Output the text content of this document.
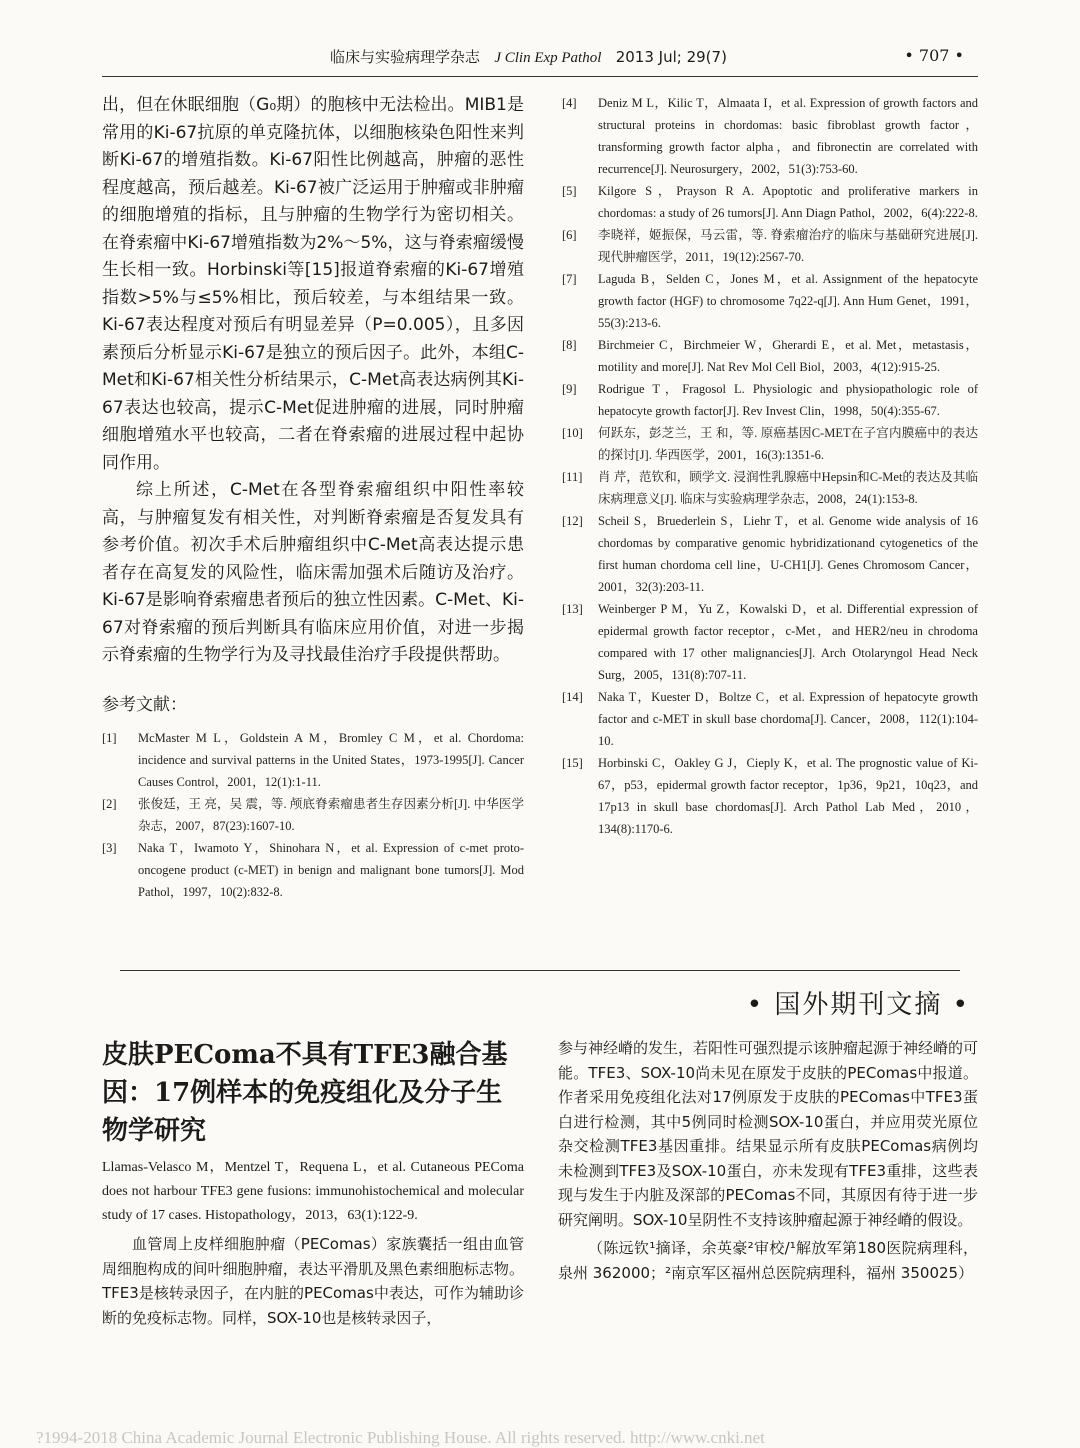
临床与实验病理学杂志 J Clin Exp Pathol 2013 Jul; 29(7)	• 707 •

出，但在休眠细胞（G₀期）的胞核中无法检出。MIB1是常用的Ki-67抗原的单克隆抗体，以细胞核染色阳性来判断Ki-67的增殖指数。Ki-67阳性比例越高，肿瘤的恶性程度越高，预后越差。Ki-67被广泛运用于肿瘤或非肿瘤的细胞增殖的指标，且与肿瘤的生物学行为密切相关。在脊索瘤中Ki-67增殖指数为2%～5%，这与脊索瘤缓慢生长相一致。Horbinski等[15]报道脊索瘤的Ki-67增殖指数>5%与≤5%相比，预后较差，与本组结果一致。Ki-67表达程度对预后有明显差异（P=0.005），且多因素预后分析显示Ki-67是独立的预后因子。此外，本组C-Met和Ki-67相关性分析结果示，C-Met高表达病例其Ki-67表达也较高，提示C-Met促进肿瘤的进展，同时肿瘤细胞增殖水平也较高，二者在脊索瘤的进展过程中起协同作用。

综上所述，C-Met在各型脊索瘤组织中阳性率较高，与肿瘤复发有相关性，对判断脊索瘤是否复发具有参考价值。初次手术后肿瘤组织中C-Met高表达提示患者存在高复发的风险性，临床需加强术后随访及治疗。Ki-67是影响脊索瘤患者预后的独立性因素。C-Met、Ki-67对脊索瘤的预后判断具有临床应用价值，对进一步揭示脊索瘤的生物学行为及寻找最佳治疗手段提供帮助。

参考文献：
[1]	McMaster M L，Goldstein A M，Bromley C M，et al. Chordoma: incidence and survival patterns in the United States，1973-1995[J]. Cancer Causes Control，2001，12(1):1-11.
[2]	张俊廷，王 亮，吴 震，等. 颅底脊索瘤患者生存因素分析[J]. 中华医学杂志，2007，87(23):1607-10.
[3]	Naka T，Iwamoto Y，Shinohara N，et al. Expression of c-met proto-oncogene product (c-MET) in benign and malignant bone tumors[J]. Mod Pathol，1997，10(2):832-8.
[4]	Deniz M L，Kilic T，Almaata I，et al. Expression of growth factors and structural proteins in chordomas: basic fibroblast growth factor，transforming growth factor alpha，and fibronectin are correlated with recurrence[J]. Neurosurgery，2002，51(3):753-60.
[5]	Kilgore S，Prayson R A. Apoptotic and proliferative markers in chordomas: a study of 26 tumors[J]. Ann Diagn Pathol，2002，6(4):222-8.
[6]	李晓祥，姬振保，马云雷，等. 脊索瘤治疗的临床与基础研究进展[J]. 现代肿瘤医学，2011，19(12):2567-70.
[7]	Laguda B，Selden C，Jones M，et al. Assignment of the hepatocyte growth factor (HGF) to chromosome 7q22-q[J]. Ann Hum Genet，1991，55(3):213-6.
[8]	Birchmeier C，Birchmeier W，Gherardi E，et al. Met，metastasis，motility and more[J]. Nat Rev Mol Cell Biol，2003，4(12):915-25.
[9]	Rodrigue T，Fragosol L. Physiologic and physiopathologic role of hepatocyte growth factor[J]. Rev Invest Clin，1998，50(4):355-67.
[10]	何跃东，彭芝兰，王 和，等. 原癌基因C-MET在子宫内膜癌中的表达的探讨[J]. 华西医学，2001，16(3):1351-6.
[11]	肖 芹，范钦和，顾学文. 浸润性乳腺癌中Hepsin和C-Met的表达及其临床病理意义[J]. 临床与实验病理学杂志，2008，24(1):153-8.
[12]	Scheil S，Bruederlein S，Liehr T，et al. Genome wide analysis of 16 chordomas by comparative genomic hybridizationand cytogenetics of the first human chordoma cell line，U-CH1[J]. Genes Chromosom Cancer，2001，32(3):203-11.
[13]	Weinberger P M，Yu Z，Kowalski D，et al. Differential expression of epidermal growth factor receptor，c-Met，and HER2/neu in chrodoma compared with 17 other malignancies[J]. Arch Otolaryngol Head Neck Surg，2005，131(8):707-11.
[14]	Naka T，Kuester D，Boltze C，et al. Expression of hepatocyte growth factor and c-MET in skull base chordoma[J]. Cancer，2008，112(1):104-10.
[15]	Horbinski C，Oakley G J，Cieply K，et al. The prognostic value of Ki-67，p53，epidermal growth factor receptor，1p36，9p21，10q23，and 17p13 in skull base chordomas[J]. Arch Pathol Lab Med，2010，134(8):1170-6.
• 国外期刊文摘 •
皮肤PEComa不具有TFE3融合基因：17例样本的免疫组化及分子生物学研究

Llamas-Velasco M，Mentzel T，Requena L，et al. Cutaneous PEComa does not harbour TFE3 gene fusions: immunohistochemical and molecular study of 17 cases. Histopathology，2013，63(1):122-9.

血管周上皮样细胞肿瘤（PEComas）家族囊括一组由血管周细胞构成的间叶细胞肿瘤，表达平滑肌及黑色素细胞标志物。TFE3是核转录因子，在内脏的PEComas中表达，可作为辅助诊断的免疫标志物。同样，SOX-10也是核转录因子，

参与神经嵴的发生，若阳性可强烈提示该肿瘤起源于神经嵴的可能。TFE3、SOX-10尚未见在原发于皮肤的PEComas中报道。作者采用免疫组化法对17例原发于皮肤的PEComas中TFE3蛋白进行检测，其中5例同时检测SOX-10蛋白，并应用荧光原位杂交检测TFE3基因重排。结果显示所有皮肤PEComas病例均未检测到TFE3及SOX-10蛋白，亦未发现有TFE3重排，这些表现与发生于内脏及深部的PEComas不同，其原因有待于进一步研究阐明。SOX-10呈阴性不支持该肿瘤起源于神经嵴的假设。

（陈远钦¹摘译，余英豪²审校/¹解放军第180医院病理科，泉州 362000；²南京军区福州总医院病理科，福州 350025）

?1994-2018 China Academic Journal Electronic Publishing House. All rights reserved. http://www.cnki.net
